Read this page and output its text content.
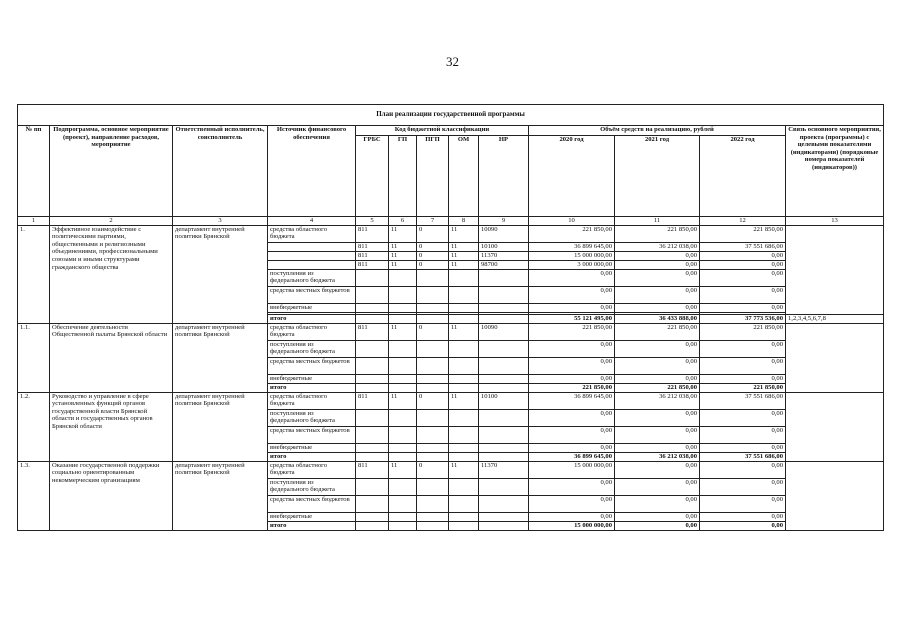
32
План реализации государственной программы												
№ пп	Подпрограмма, основное мероприятие (проект), направление расходов, мероприятие	Ответственный исполнитель, соисполнитель	Источник финансового обеспечения	Код бюджетной классификации					Объём средств на реализацию, рублей			Связь основного мероприятия, проекта (программы) с целевыми показателями (индикаторами) (порядковые номера показателей (индикаторов))
				ГРБС	ГП	ПГП	ОМ	НР	2020 год	2021 год	2022 год	
1	2	3	4	5	6	7	8	9	10	11	12	13
1.	Эффективное взаимодействие с политическими партиями, общественными и религиозными объединениями, профессиональными союзами и иными структурами гражданского общества	департамент внутренней политики Брянской	средства областного бюджета	811	11	0	11	10090	221 850,00	221 850,00	221 850,00	
				811	11	0	11	10100	36 899 645,00	36 212 038,00	37 551 686,00	
				811	11	0	11	11370	15 000 000,00	0,00	0,00	
				811	11	0	11	98700	3 000 000,00	0,00	0,00	
			поступления из федерального бюджета						0,00	0,00	0,00	
			средства местных бюджетов						0,00	0,00	0,00	
			внебюджетные						0,00	0,00	0,00	

			итого						55 121 495,00	36 433 888,00	37 773 536,00	1,2,3,4,5,6,7,8
1.1.	Обеспечение деятельности Общественной палаты Брянской области	департамент внутренней политики Брянской	средства областного бюджета	811	11	0	11	10090	221 850,00	221 850,00	221 850,00	
			поступления из федерального бюджета						0,00	0,00	0,00	
			средства местных бюджетов						0,00	0,00	0,00	
			внебюджетные						0,00	0,00	0,00	
			итого						221 850,00	221 850,00	221 850,00	
1.2.	Руководство и управление в сфере установленных функций органов государственной власти Брянской области и государственных органов Брянской области	департамент внутренней политики Брянской	средства областного бюджета	811	11	0	11	10100	36 899 645,00	36 212 038,00	37 551 686,00	
			поступления из федерального бюджета						0,00	0,00	0,00	
			средства местных бюджетов						0,00	0,00	0,00	
			внебюджетные						0,00	0,00	0,00	
			итого						36 899 645,00	36 212 038,00	37 551 686,00	
1.3.	Оказание государственной поддержки социально ориентированным некоммерческим организациям	департамент внутренней политики Брянской	средства областного бюджета	811	11	0	11	11370	15 000 000,00	0,00	0,00	
			поступления из федерального бюджета						0,00	0,00	0,00	
			средства местных бюджетов						0,00	0,00	0,00	
			внебюджетные						0,00	0,00	0,00	
			итого						15 000 000,00	0,00	0,00	
